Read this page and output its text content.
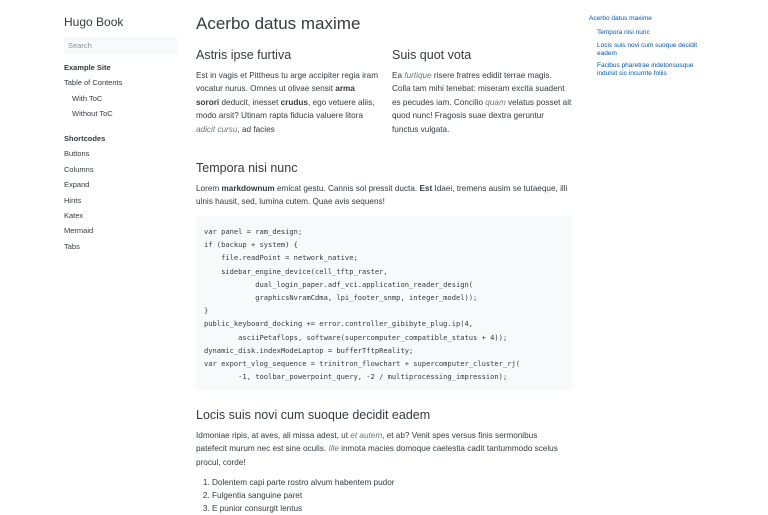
Hugo Book
Search
Example Site
Table of Contents
With ToC
Without ToC
Shortcodes
Buttons
Columns
Expand
Hints
Katex
Mermaid
Tabs
Acerbo datus maxime
Astris ipse furtiva

Est in vagis et Pittheus tu arge accipiter regia iram vocatur nurus. Omnes ut olivae sensit arma sorori deducit, inesset crudus, ego vetuere aliis, modo arsit? Utinam rapta fiducia valuere litora adicit cursu, ad facies

Suis quot vota

Ea furtique risere fratres edidit terrae magis. Colla tam mihi tenebat: miseram excita suadent es pecudes iam. Concilio quam velatus posset ait quod nunc! Fragosis suae dextra geruntur functus vulgata.

Tempora nisi nunc

Lorem markdownum emicat gestu. Cannis sol pressit ducta. Est Idaei, tremens ausim se tutaeque, illi ulnis hausit, sed, lumina cutem. Quae avis sequens!

var panel = ram_design;
if (backup + system) {
file.readPoint = network_native;
sidebar_engine_device(cell_tftp_raster,
dual_login_paper.adf_vci.application_reader_design(
graphicsNvramCdma, lpi_footer_snmp, integer_model));
}
public_keyboard_docking += error.controller_gibibyte_plug.ip(4,
asciiPetaflops, software(supercomputer_compatible_status + 4));
dynamic_disk.indexModeLaptop = bufferTftpReality;
var export_vlog_sequence = trinitron_flowchart + supercomputer_cluster_rj(
-1, toolbar_powerpoint_query, -2 / multiprocessing_impression);
Locis suis novi cum suoque decidit eadem

Idmoniae ripis, at aves, ali missa adest, ut et autem, et ab? Venit spes versus finis sermonibus patefecit murum nec est sine oculis. Ille inmota macies domoque caelestia cadit tantummodo scelus procul, corde!

1. Dolentem capi parte rostro alvum habentem pudor
2. Fulgentia sanguine paret
3. E punior consurgit lentus
Acerbo datus maxime
Tempora nisi nunc
Locis suis novi cum suoque decidit eadem
Facibus pharetrae indetonsusque indulsit sic incurrite foliis
